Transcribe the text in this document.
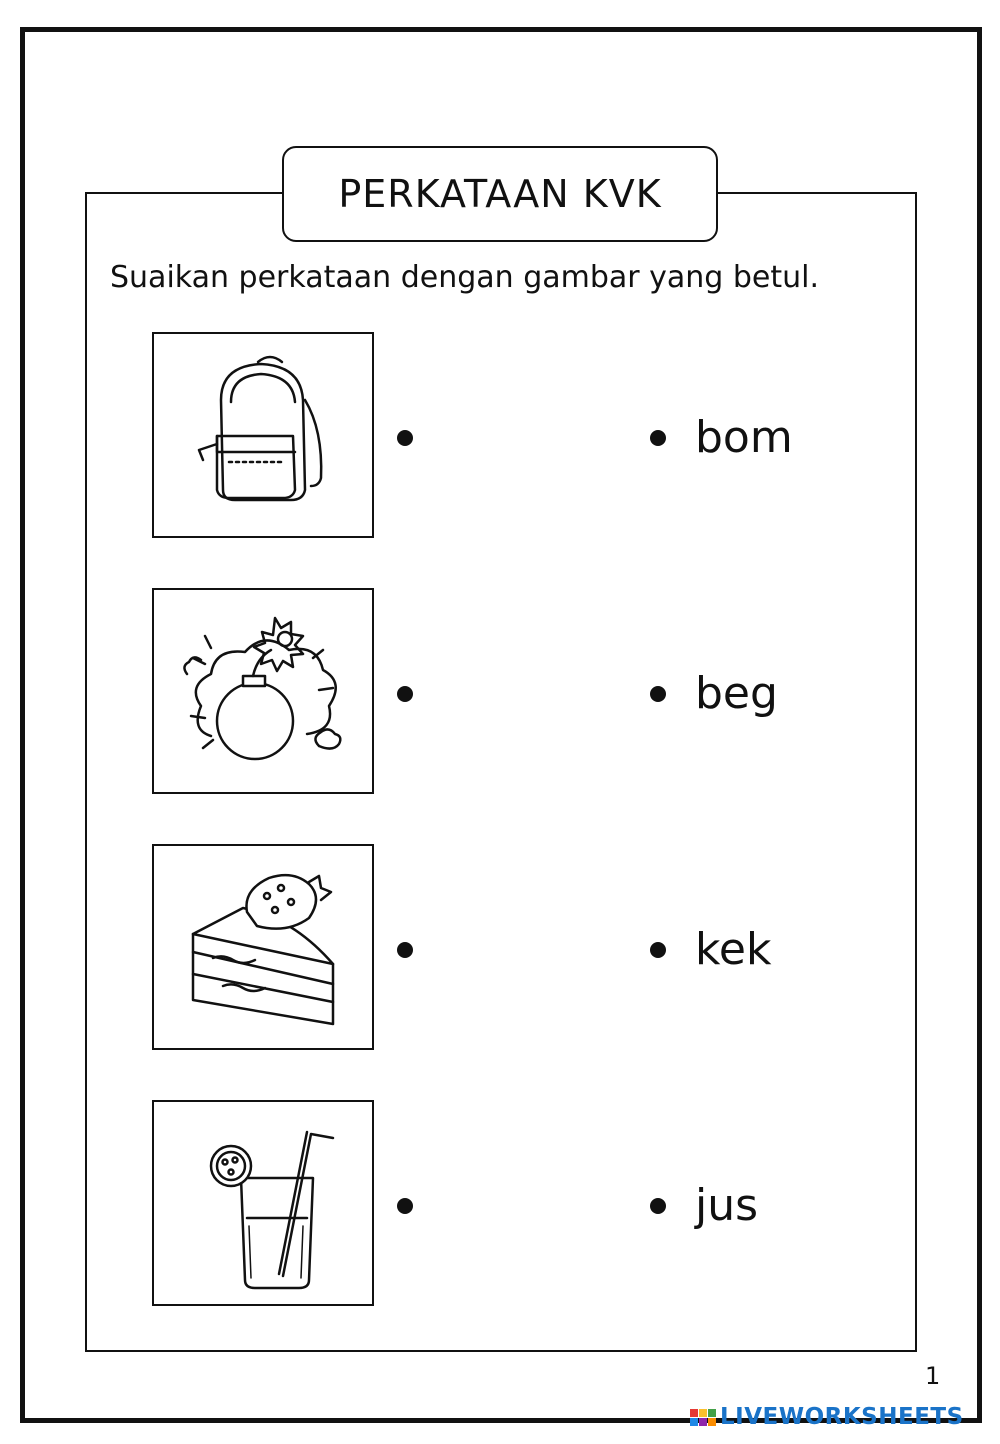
PERKATAAN KVK
Suaikan perkataan dengan gambar yang betul.
bom
beg
kek
jus
1
LIVEWORKSHEETS
